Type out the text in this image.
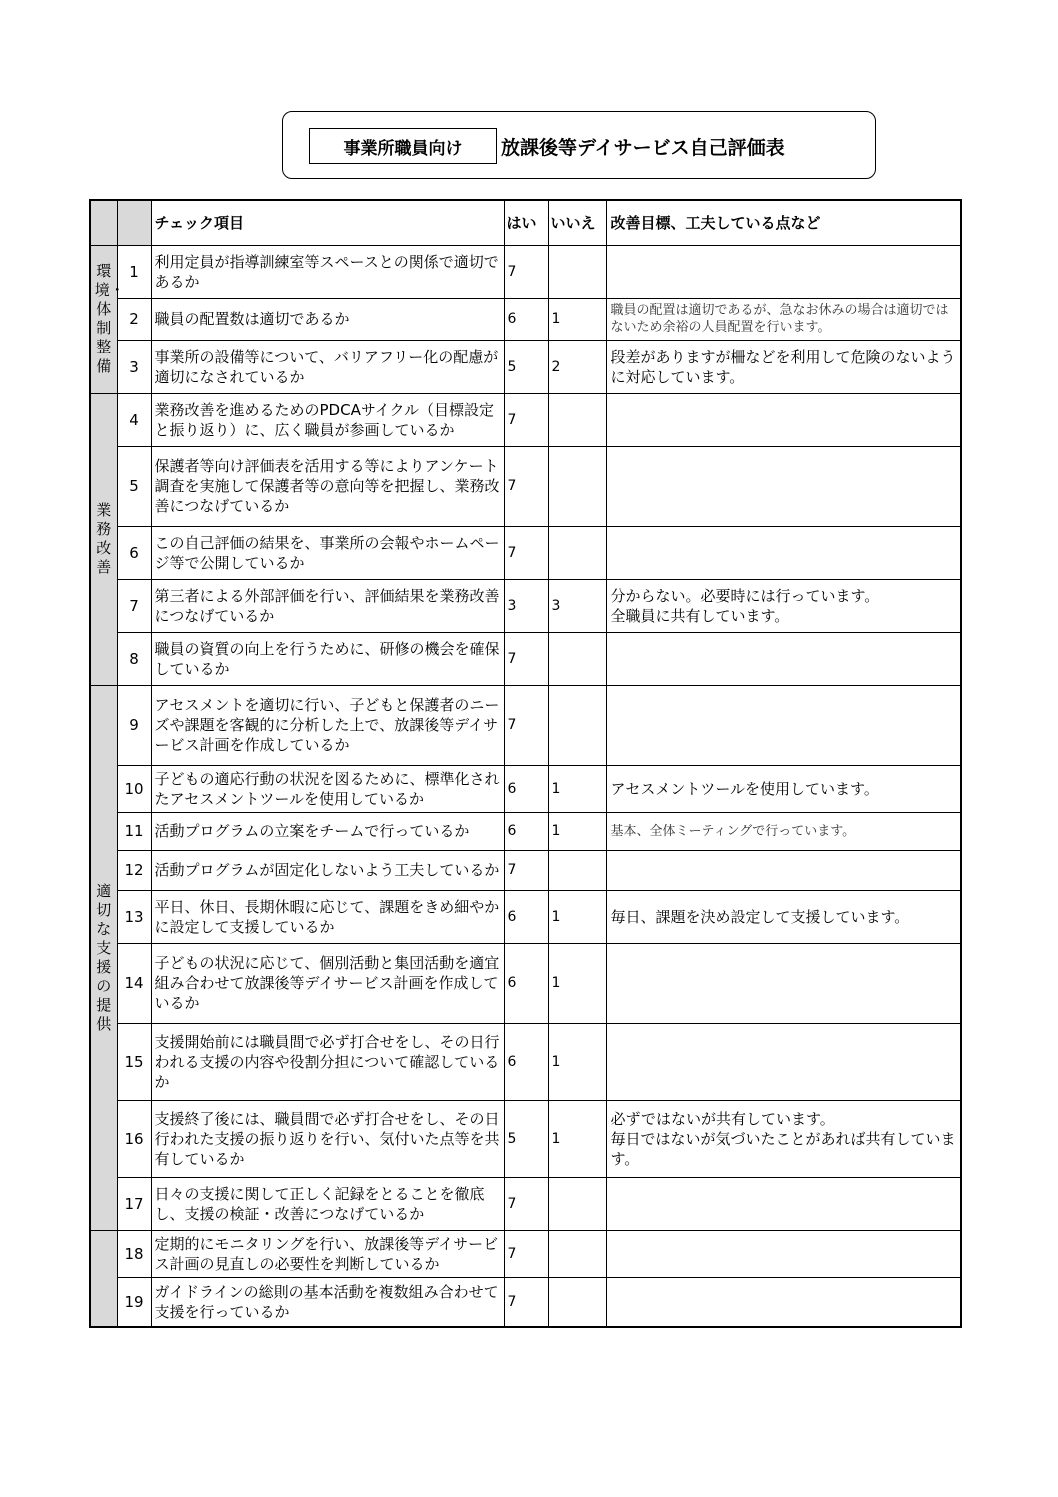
事業所職員向け	放課後等デイサービス自己評価表
		チェック項目	はい	いいえ	改善目標、工夫している点など

環境・体制整備	1	利用定員が指導訓練室等スペースとの関係で適切であるか	7		

	2	職員の配置数は適切であるか	6	1	職員の配置は適切であるが、急なお休みの場合は適切ではないため余裕の人員配置を行います。

	3	事業所の設備等について、バリアフリー化の配慮が適切になされているか	5	2	段差がありますが柵などを利用して危険のないように対応しています。

業務改善	4	業務改善を進めるためのPDCAサイクル（目標設定と振り返り）に、広く職員が参画しているか	7		

	5	保護者等向け評価表を活用する等によりアンケート調査を実施して保護者等の意向等を把握し、業務改善につなげているか	7		

	6	この自己評価の結果を、事業所の会報やホームページ等で公開しているか	7		

	7	第三者による外部評価を行い、評価結果を業務改善につなげているか	3	3	分からない。必要時には行っています。
全職員に共有しています。

	8	職員の資質の向上を行うために、研修の機会を確保しているか	7		

適切な支援の提供	9	アセスメントを適切に行い、子どもと保護者のニーズや課題を客観的に分析した上で、放課後等デイサービス計画を作成しているか	7		

	10	子どもの適応行動の状況を図るために、標準化されたアセスメントツールを使用しているか	6	1	アセスメントツールを使用しています。

	11	活動プログラムの立案をチームで行っているか	6	1	基本、全体ミーティングで行っています。

	12	活動プログラムが固定化しないよう工夫しているか	7		

	13	平日、休日、長期休暇に応じて、課題をきめ細やかに設定して支援しているか	6	1	毎日、課題を決め設定して支援しています。

	14	子どもの状況に応じて、個別活動と集団活動を適宜組み合わせて放課後等デイサービス計画を作成しているか	6	1	

	15	支援開始前には職員間で必ず打合せをし、その日行われる支援の内容や役割分担について確認しているか	6	1	

	16	支援終了後には、職員間で必ず打合せをし、その日行われた支援の振り返りを行い、気付いた点等を共有しているか	5	1	必ずではないが共有しています。
毎日ではないが気づいたことがあれば共有しています。

	17	日々の支援に関して正しく記録をとることを徹底し、支援の検証・改善につなげているか	7		

	18	定期的にモニタリングを行い、放課後等デイサービス計画の見直しの必要性を判断しているか	7		

	19	ガイドラインの総則の基本活動を複数組み合わせて支援を行っているか	7		
